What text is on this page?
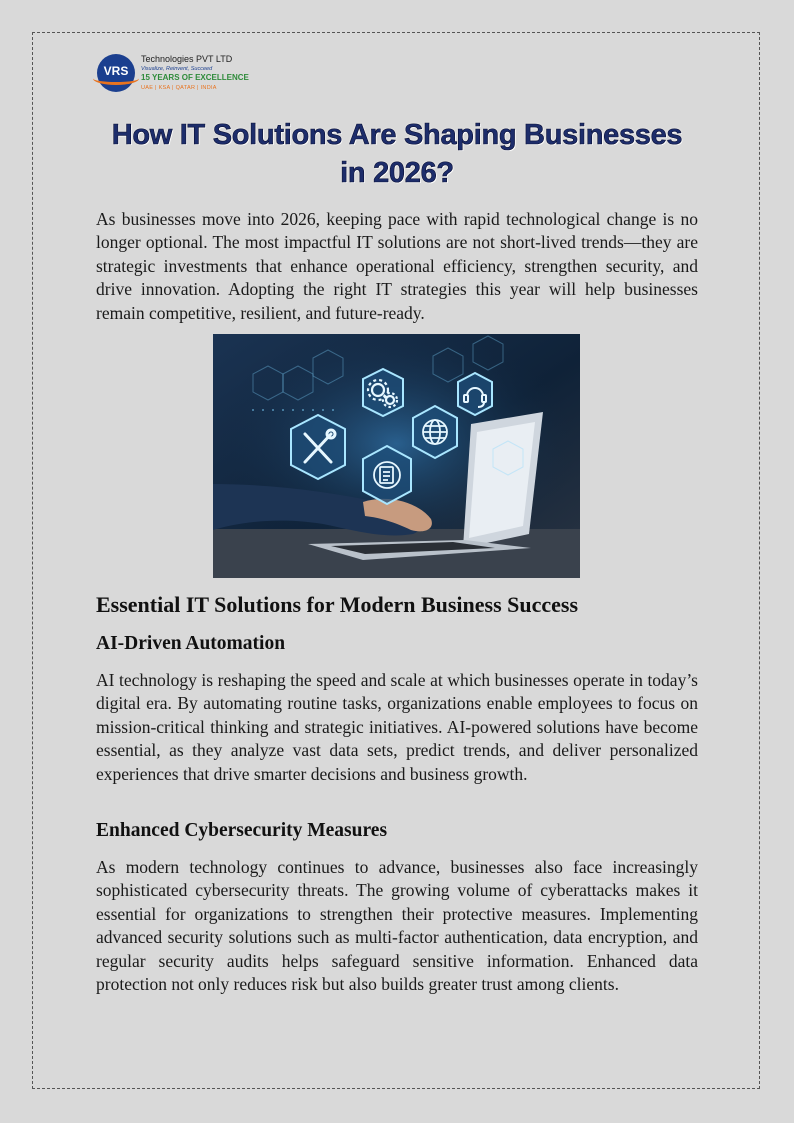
VRS
Technologies PVT LTD
Visualize, Reinvent, Succeed
15 YEARS OF EXCELLENCE
UAE | KSA | QATAR | INDIA
How IT Solutions Are Shaping Businesses in 2026?

As businesses move into 2026, keeping pace with rapid technological change is no longer optional. The most impactful IT solutions are not short-lived trends—they are strategic investments that enhance operational efficiency, strengthen security, and drive innovation. Adopting the right IT strategies this year will help businesses remain competitive, resilient, and future-ready.

Essential IT Solutions for Modern Business Success
AI-Driven Automation

AI technology is reshaping the speed and scale at which businesses operate in today’s digital era. By automating routine tasks, organizations enable employees to focus on mission-critical thinking and strategic initiatives. AI-powered solutions have become essential, as they analyze vast data sets, predict trends, and deliver personalized experiences that drive smarter decisions and business growth.

Enhanced Cybersecurity Measures

As modern technology continues to advance, businesses also face increasingly sophisticated cybersecurity threats. The growing volume of cyberattacks makes it essential for organizations to strengthen their protective measures. Implementing advanced security solutions such as multi-factor authentication, data encryption, and regular security audits helps safeguard sensitive information. Enhanced data protection not only reduces risk but also builds greater trust among clients.
